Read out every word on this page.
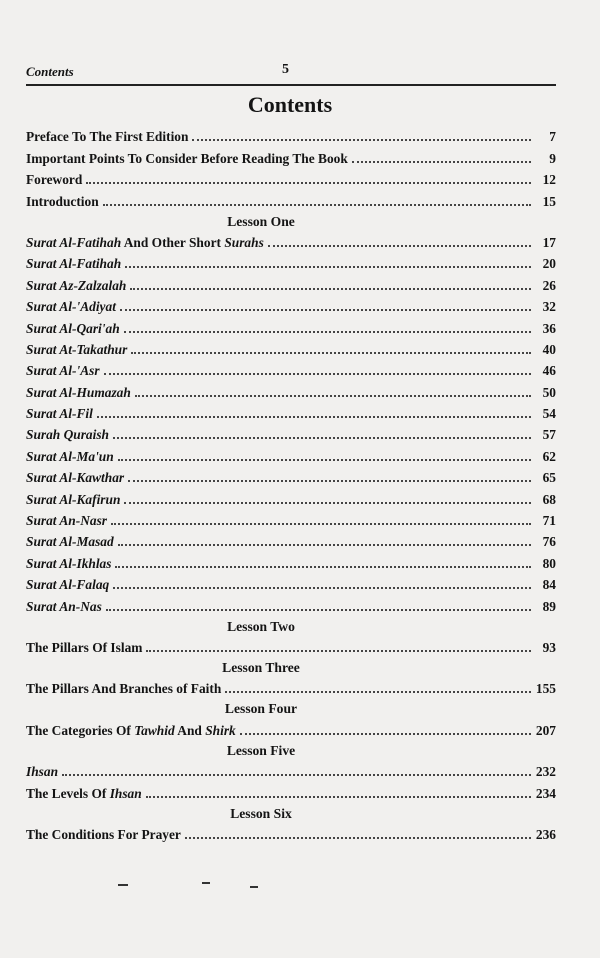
Contents	5
Contents
Preface To The First Edition	7
Important Points To Consider Before Reading The Book	9
Foreword	12
Introduction	15
Lesson One
Surat Al-Fatihah And Other Short Surahs	17
Surat Al-Fatihah	20
Surat Az-Zalzalah	26
Surat Al-'Adiyat	32
Surat Al-Qari'ah	36
Surat At-Takathur	40
Surat Al-'Asr	46
Surat Al-Humazah	50
Surat Al-Fil	54
Surah Quraish	57
Surat Al-Ma'un	62
Surat Al-Kawthar	65
Surat Al-Kafirun	68
Surat An-Nasr	71
Surat Al-Masad	76
Surat Al-Ikhlas	80
Surat Al-Falaq	84
Surat An-Nas	89
Lesson Two
The Pillars Of Islam	93
Lesson Three
The Pillars And Branches of Faith	155
Lesson Four
The Categories Of Tawhid And Shirk	207
Lesson Five
Ihsan	232
The Levels Of Ihsan	234
Lesson Six
The Conditions For Prayer	236
